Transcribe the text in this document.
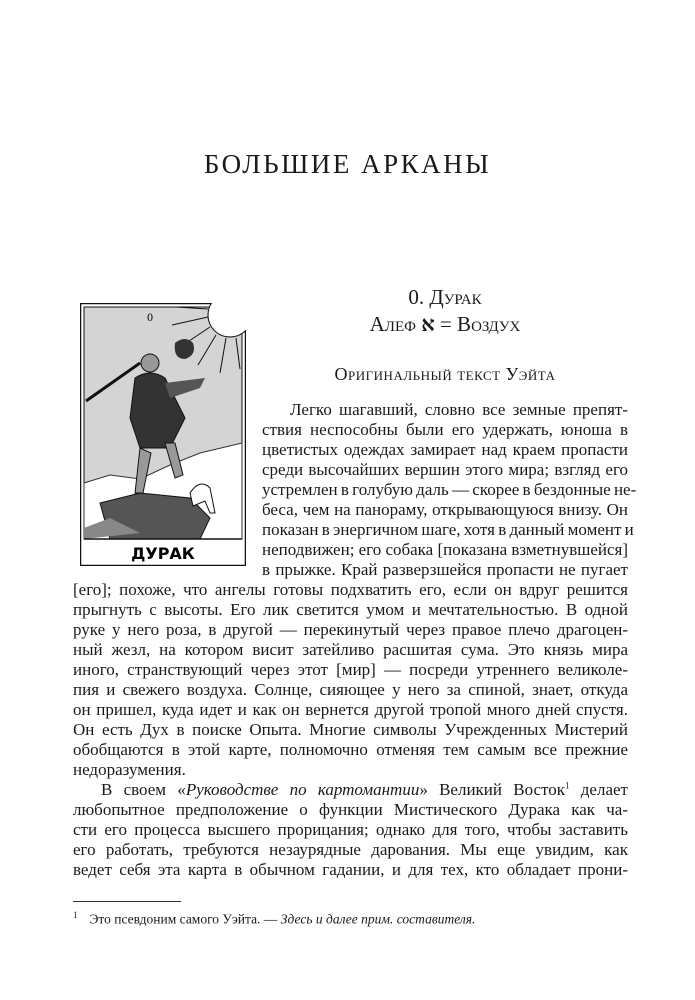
БОЛЬШИЕ АРКАНЫ
0
ДУРАК
0. Дурак
Алеф א = Воздух
Оригинальный текст Уэйта
Легко шагавший, словно все земные препят-
ствия неспособны были его удержать, юноша в
цветистых одеждах замирает над краем пропасти
среди высочайших вершин этого мира; взгляд его
устремлен в голубую даль — скорее в бездонные не-
беса, чем на панораму, открывающуюся внизу. Он
показан в энергичном шаге, хотя в данный момент и
неподвижен; его собака [показана взметнувшейся]
в прыжке. Край разверзшейся пропасти не пугает
[его]; похоже, что ангелы готовы подхватить его, если он вдруг решится
прыгнуть с высоты. Его лик светится умом и мечтательностью. В одной
руке у него роза, в другой — перекинутый через правое плечо драгоцен-
ный жезл, на котором висит затейливо расшитая сума. Это князь мира
иного, странствующий через этот [мир] — посреди утреннего великоле-
пия и свежего воздуха. Солнце, сияющее у него за спиной, знает, откуда
он пришел, куда идет и как он вернется другой тропой много дней спустя.
Он есть Дух в поиске Опыта. Многие символы Учрежденных Мистерий
обобщаются в этой карте, полномочно отменяя тем самым все прежние
недоразумения.
В своем «Руководстве по картомантии» Великий Восток$^1$ делает
любопытное предположение о функции Мистического Дурака как ча-
сти его процесса высшего прорицания; однако для того, чтобы заставить
его работать, требуются незаурядные дарования. Мы еще увидим, как
ведет себя эта карта в обычном гадании, и для тех, кто обладает прони-
$^1$ Это псевдоним самого Уэйта. — Здесь и далее прим. составителя.
